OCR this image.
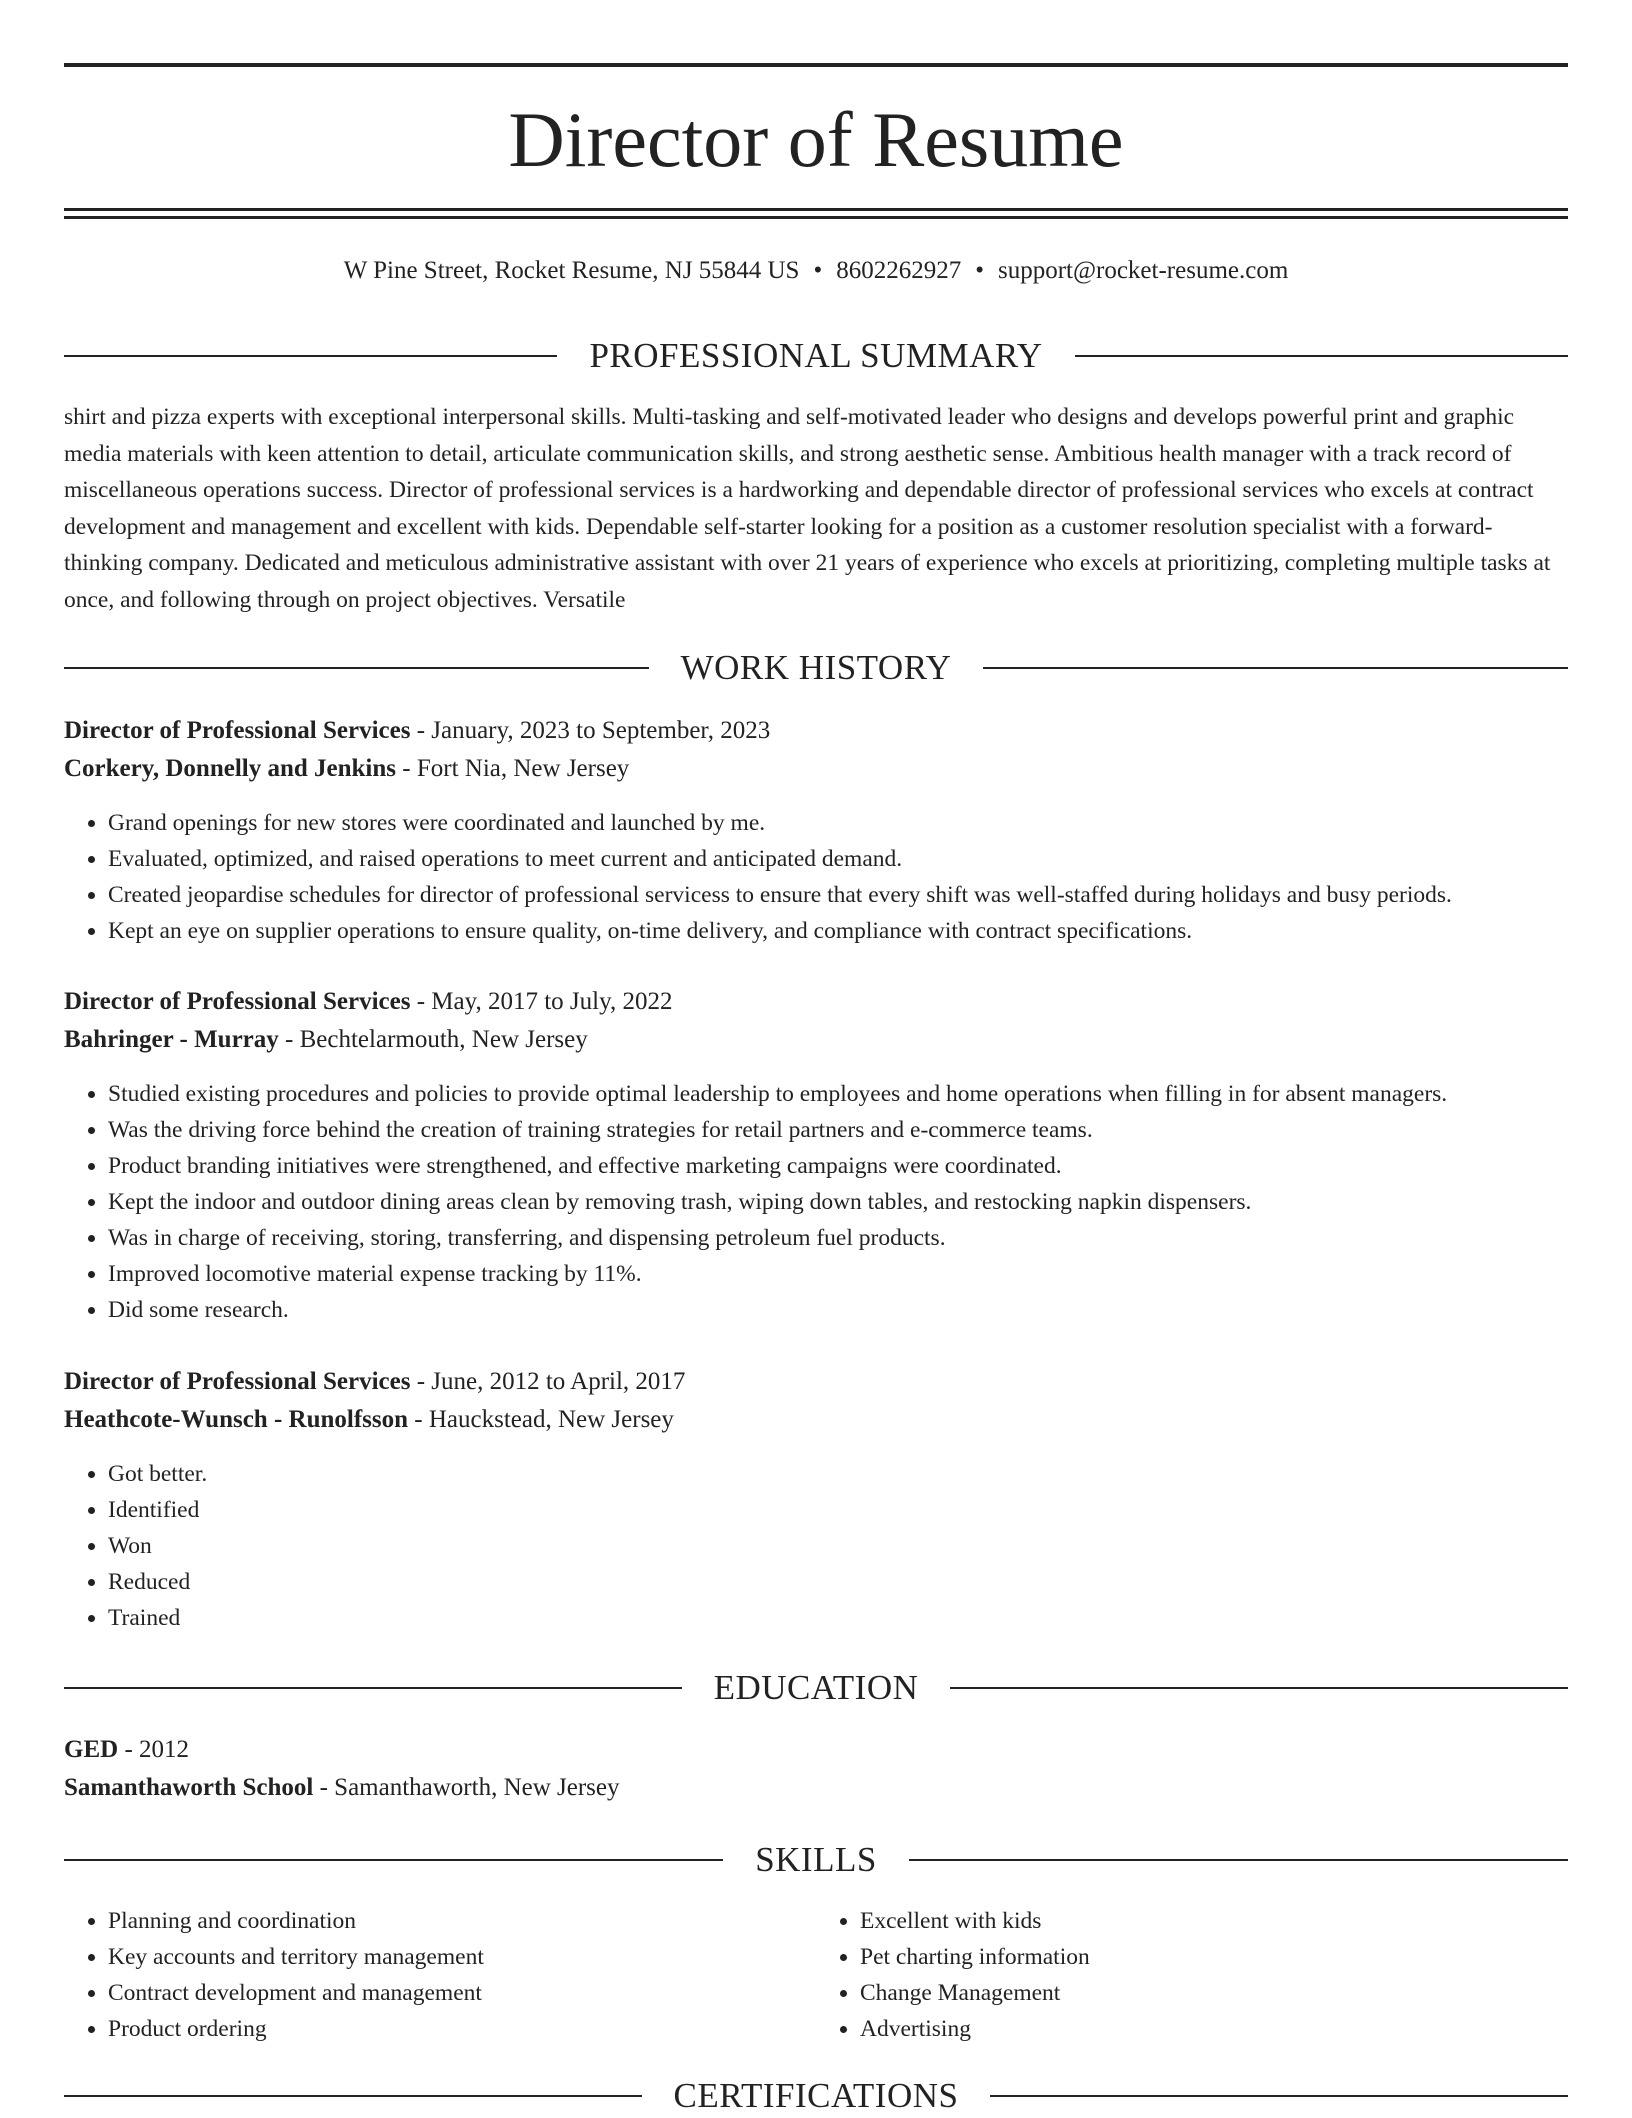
Director of Resume
W Pine Street, Rocket Resume, NJ 55844 US • 8602262927 • support@rocket-resume.com
PROFESSIONAL SUMMARY
shirt and pizza experts with exceptional interpersonal skills. Multi-tasking and self-motivated leader who designs and develops powerful print and graphic media materials with keen attention to detail, articulate communication skills, and strong aesthetic sense. Ambitious health manager with a track record of miscellaneous operations success. Director of professional services is a hardworking and dependable director of professional services who excels at contract development and management and excellent with kids. Dependable self-starter looking for a position as a customer resolution specialist with a forward-thinking company. Dedicated and meticulous administrative assistant with over 21 years of experience who excels at prioritizing, completing multiple tasks at once, and following through on project objectives. Versatile
WORK HISTORY
Director of Professional Services - January, 2023 to September, 2023
Corkery, Donnelly and Jenkins - Fort Nia, New Jersey
• Grand openings for new stores were coordinated and launched by me.
• Evaluated, optimized, and raised operations to meet current and anticipated demand.
• Created jeopardise schedules for director of professional servicess to ensure that every shift was well-staffed during holidays and busy periods.
• Kept an eye on supplier operations to ensure quality, on-time delivery, and compliance with contract specifications.
Director of Professional Services - May, 2017 to July, 2022
Bahringer - Murray - Bechtelarmouth, New Jersey
• Studied existing procedures and policies to provide optimal leadership to employees and home operations when filling in for absent managers.
• Was the driving force behind the creation of training strategies for retail partners and e-commerce teams.
• Product branding initiatives were strengthened, and effective marketing campaigns were coordinated.
• Kept the indoor and outdoor dining areas clean by removing trash, wiping down tables, and restocking napkin dispensers.
• Was in charge of receiving, storing, transferring, and dispensing petroleum fuel products.
• Improved locomotive material expense tracking by 11%.
• Did some research.
Director of Professional Services - June, 2012 to April, 2017
Heathcote-Wunsch - Runolfsson - Hauckstead, New Jersey
• Got better.
• Identified
• Won
• Reduced
• Trained
EDUCATION
GED - 2012
Samanthaworth School - Samanthaworth, New Jersey
SKILLS
• Planning and coordination
• Key accounts and territory management
• Contract development and management
• Product ordering
• Excellent with kids
• Pet charting information
• Change Management
• Advertising
CERTIFICATIONS
